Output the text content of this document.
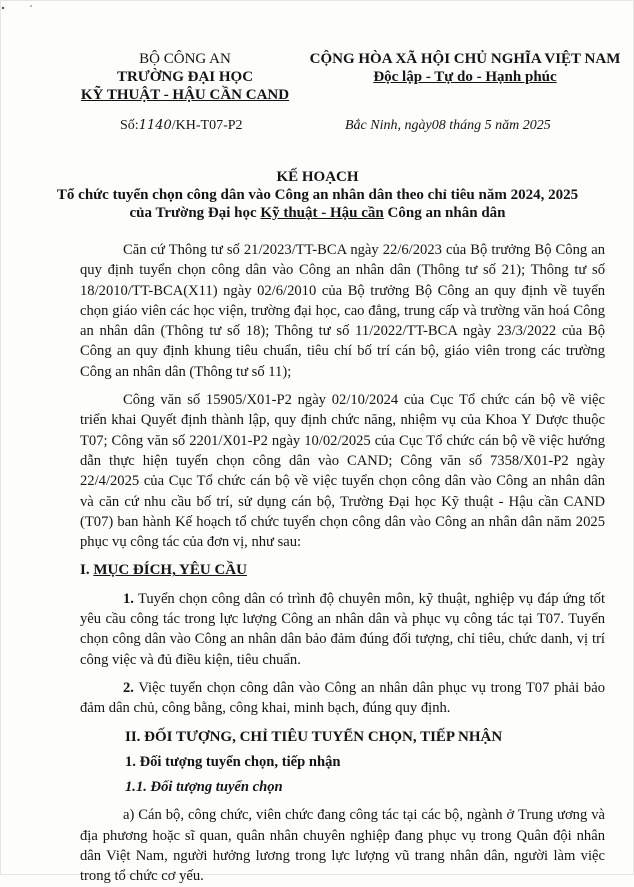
BỘ CÔNG AN
TRƯỜNG ĐẠI HỌC
KỸ THUẬT - HẬU CẦN CAND
CỘNG HÒA XÃ HỘI CHỦ NGHĨA VIỆT NAM
Độc lập - Tự do - Hạnh phúc
Số:1140/KH-T07-P2	Bắc Ninh, ngày08 tháng 5 năm 2025
KẾ HOẠCH
Tổ chức tuyển chọn công dân vào Công an nhân dân theo chỉ tiêu năm 2024, 2025
của Trường Đại học Kỹ thuật - Hậu cần Công an nhân dân

Căn cứ Thông tư số 21/2023/TT-BCA ngày 22/6/2023 của Bộ trưởng Bộ Công an quy định tuyển chọn công dân vào Công an nhân dân (Thông tư số 21); Thông tư số 18/2010/TT-BCA(X11) ngày 02/6/2010 của Bộ trưởng Bộ Công an quy định về tuyển chọn giáo viên các học viện, trường đại học, cao đẳng, trung cấp và trường văn hoá Công an nhân dân (Thông tư số 18); Thông tư số 11/2022/TT-BCA ngày 23/3/2022 của Bộ Công an quy định khung tiêu chuẩn, tiêu chí bố trí cán bộ, giáo viên trong các trường Công an nhân dân (Thông tư số 11);

Công văn số 15905/X01-P2 ngày 02/10/2024 của Cục Tổ chức cán bộ về việc triển khai Quyết định thành lập, quy định chức năng, nhiệm vụ của Khoa Y Dược thuộc T07; Công văn số 2201/X01-P2 ngày 10/02/2025 của Cục Tổ chức cán bộ về việc hướng dẫn thực hiện tuyển chọn công dân vào CAND; Công văn số 7358/X01-P2 ngày 22/4/2025 của Cục Tổ chức cán bộ về việc tuyển chọn công dân vào Công an nhân dân và căn cứ nhu cầu bố trí, sử dụng cán bộ, Trường Đại học Kỹ thuật - Hậu cần CAND (T07) ban hành Kế hoạch tổ chức tuyển chọn công dân vào Công an nhân dân năm 2025 phục vụ công tác của đơn vị, như sau:

I. MỤC ĐÍCH, YÊU CẦU

1. Tuyển chọn công dân có trình độ chuyên môn, kỹ thuật, nghiệp vụ đáp ứng tốt yêu cầu công tác trong lực lượng Công an nhân dân và phục vụ công tác tại T07. Tuyển chọn công dân vào Công an nhân dân bảo đảm đúng đối tượng, chỉ tiêu, chức danh, vị trí công việc và đủ điều kiện, tiêu chuẩn.

2. Việc tuyển chọn công dân vào Công an nhân dân phục vụ trong T07 phải bảo đảm dân chủ, công bằng, công khai, minh bạch, đúng quy định.

II. ĐỐI TƯỢNG, CHỈ TIÊU TUYỂN CHỌN, TIẾP NHẬN

1. Đối tượng tuyển chọn, tiếp nhận

1.1. Đối tượng tuyển chọn

a) Cán bộ, công chức, viên chức đang công tác tại các bộ, ngành ở Trung ương và địa phương hoặc sĩ quan, quân nhân chuyên nghiệp đang phục vụ trong Quân đội nhân dân Việt Nam, người hưởng lương trong lực lượng vũ trang nhân dân, người làm việc trong tổ chức cơ yếu.
